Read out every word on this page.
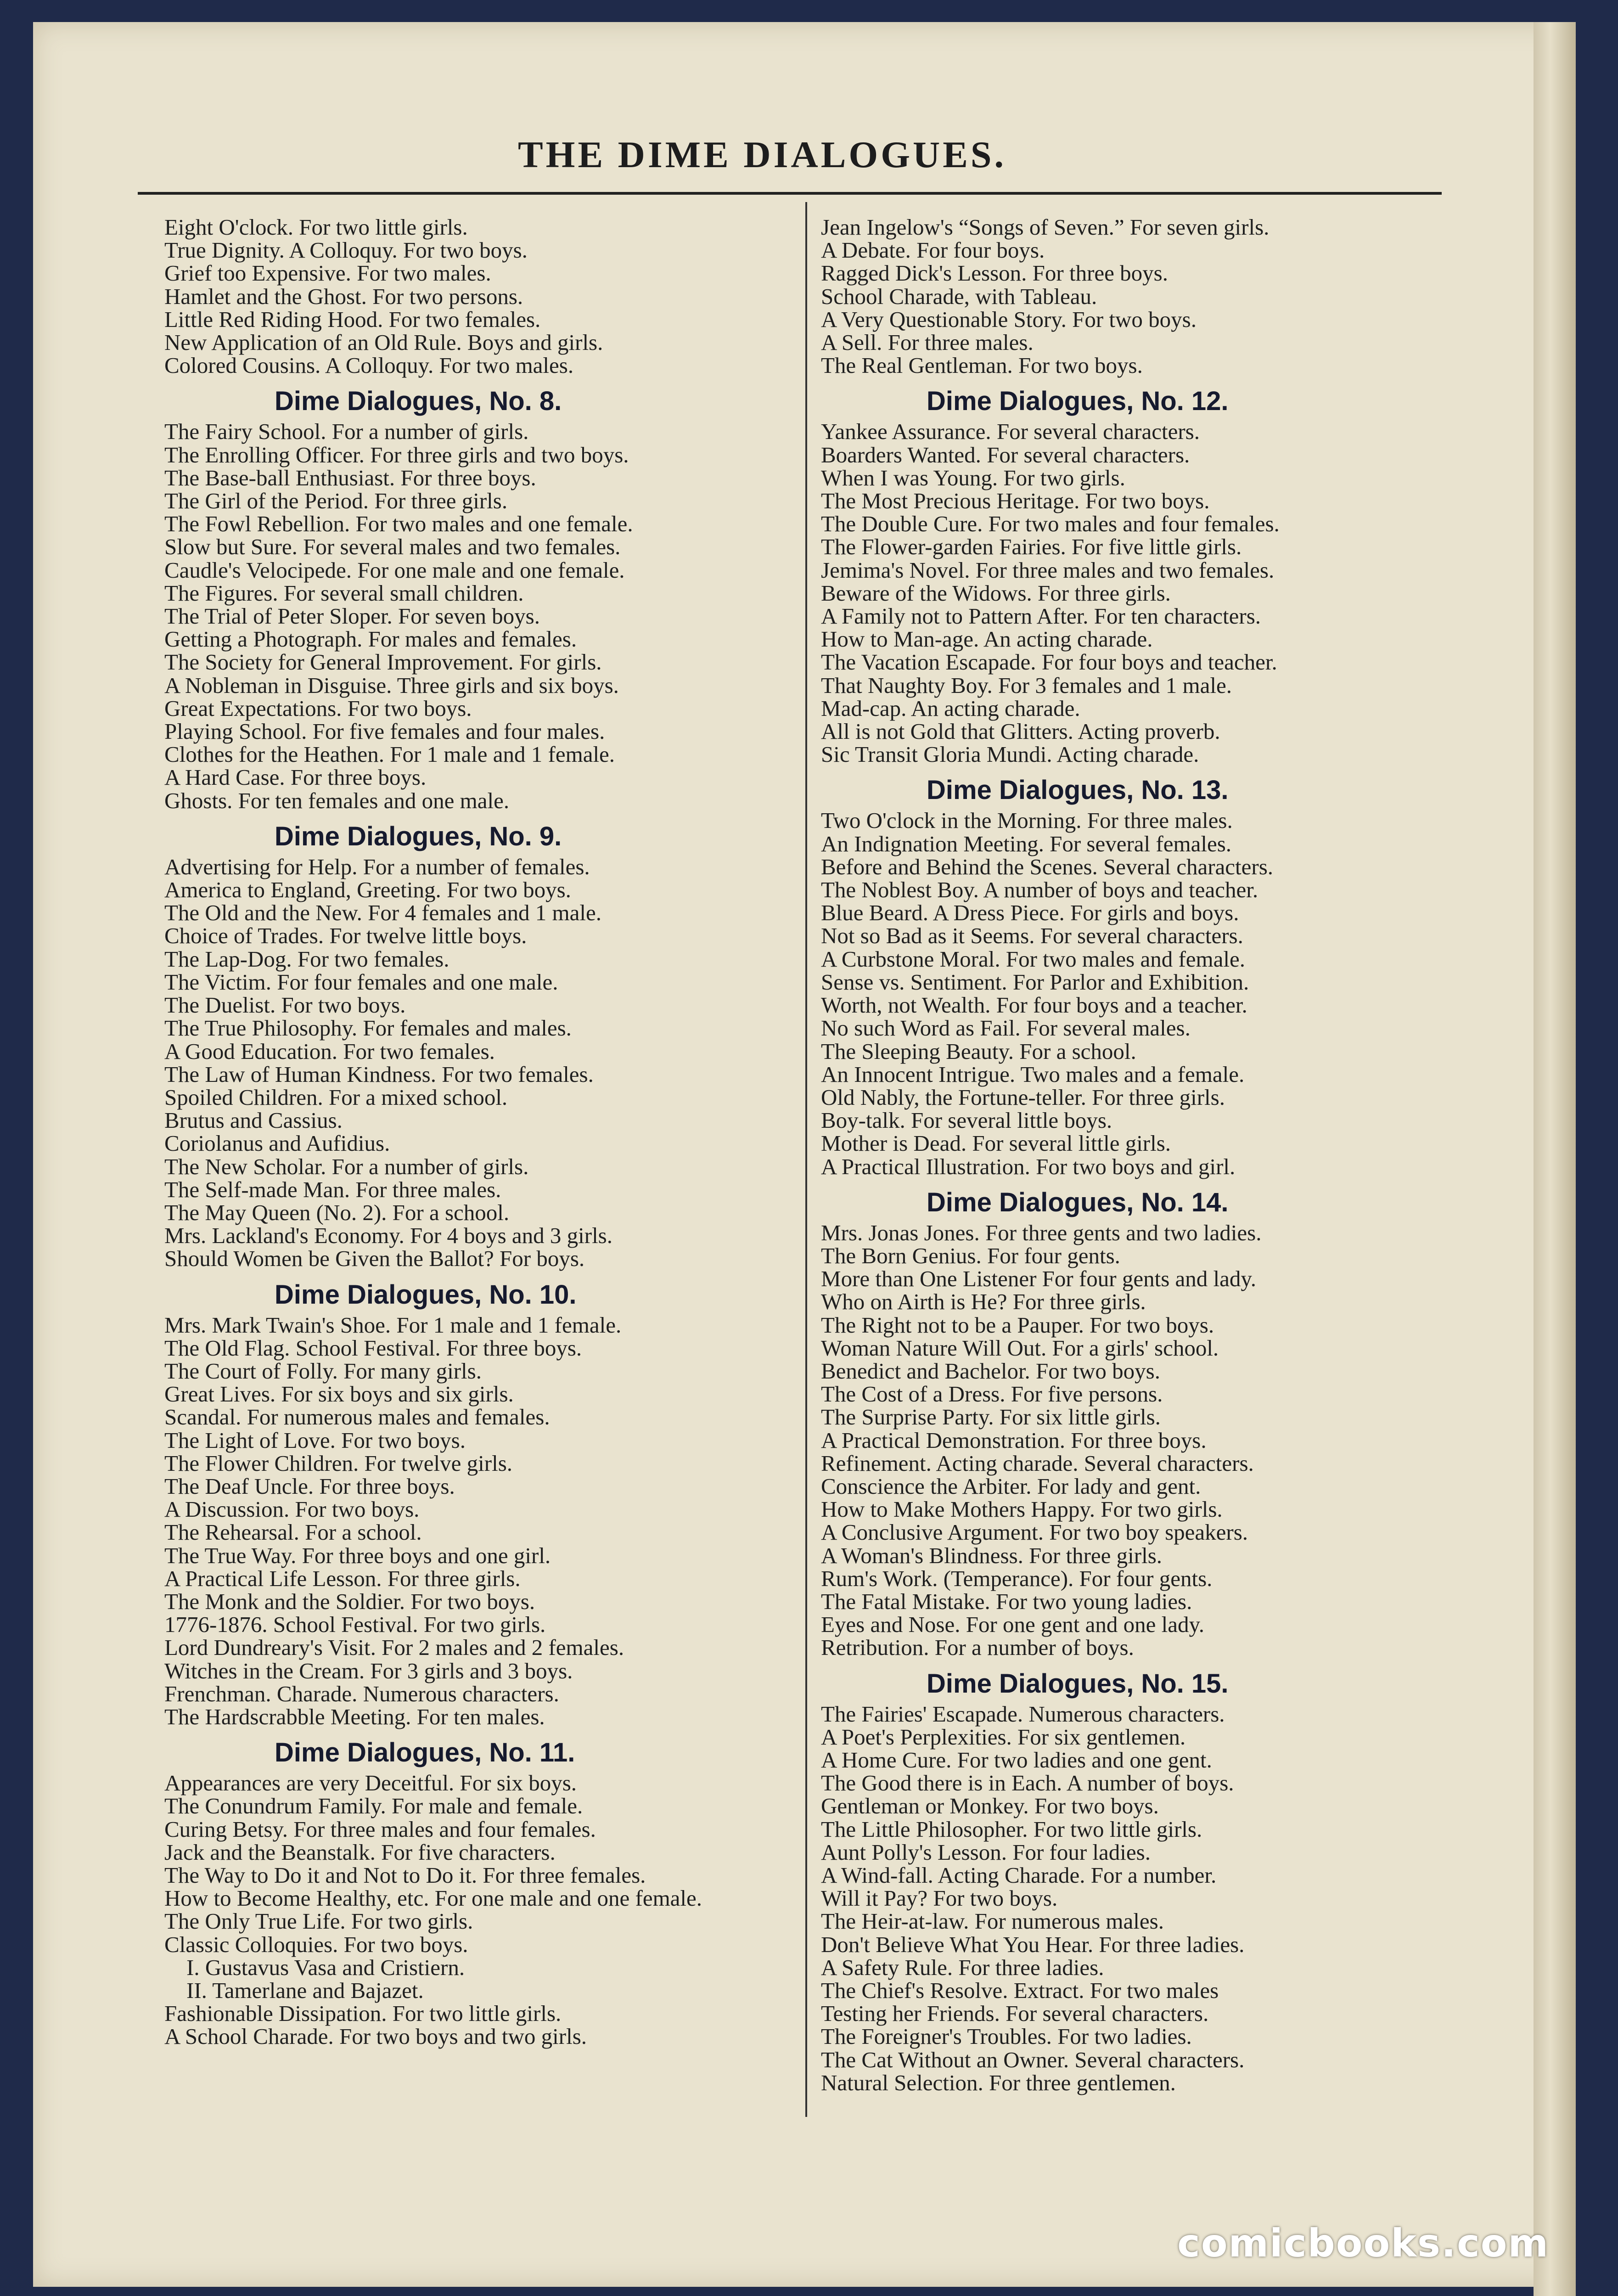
THE DIME DIALOGUES.
Eight O'clock. For two little girls.
True Dignity. A Colloquy. For two boys.
Grief too Expensive. For two males.
Hamlet and the Ghost. For two persons.
Little Red Riding Hood. For two females.
New Application of an Old Rule. Boys and girls.
Colored Cousins. A Colloquy. For two males.
Dime Dialogues, No. 8.
The Fairy School. For a number of girls.
The Enrolling Officer. For three girls and two boys.
The Base-ball Enthusiast. For three boys.
The Girl of the Period. For three girls.
The Fowl Rebellion. For two males and one female.
Slow but Sure. For several males and two females.
Caudle's Velocipede. For one male and one female.
The Figures. For several small children.
The Trial of Peter Sloper. For seven boys.
Getting a Photograph. For males and females.
The Society for General Improvement. For girls.
A Nobleman in Disguise. Three girls and six boys.
Great Expectations. For two boys.
Playing School. For five females and four males.
Clothes for the Heathen. For 1 male and 1 female.
A Hard Case. For three boys.
Ghosts. For ten females and one male.
Dime Dialogues, No. 9.
Advertising for Help. For a number of females.
America to England, Greeting. For two boys.
The Old and the New. For 4 females and 1 male.
Choice of Trades. For twelve little boys.
The Lap-Dog. For two females.
The Victim. For four females and one male.
The Duelist. For two boys.
The True Philosophy. For females and males.
A Good Education. For two females.
The Law of Human Kindness. For two females.
Spoiled Children. For a mixed school.
Brutus and Cassius.
Coriolanus and Aufidius.
The New Scholar. For a number of girls.
The Self-made Man. For three males.
The May Queen (No. 2). For a school.
Mrs. Lackland's Economy. For 4 boys and 3 girls.
Should Women be Given the Ballot? For boys.
Dime Dialogues, No. 10.
Mrs. Mark Twain's Shoe. For 1 male and 1 female.
The Old Flag. School Festival. For three boys.
The Court of Folly. For many girls.
Great Lives. For six boys and six girls.
Scandal. For numerous males and females.
The Light of Love. For two boys.
The Flower Children. For twelve girls.
The Deaf Uncle. For three boys.
A Discussion. For two boys.
The Rehearsal. For a school.
The True Way. For three boys and one girl.
A Practical Life Lesson. For three girls.
The Monk and the Soldier. For two boys.
1776-1876. School Festival. For two girls.
Lord Dundreary's Visit. For 2 males and 2 females.
Witches in the Cream. For 3 girls and 3 boys.
Frenchman. Charade. Numerous characters.
The Hardscrabble Meeting. For ten males.
Dime Dialogues, No. 11.
Appearances are very Deceitful. For six boys.
The Conundrum Family. For male and female.
Curing Betsy. For three males and four females.
Jack and the Beanstalk. For five characters.
The Way to Do it and Not to Do it. For three females.
How to Become Healthy, etc. For one male and one female.
The Only True Life. For two girls.
Classic Colloquies. For two boys.
I. Gustavus Vasa and Cristiern.
II. Tamerlane and Bajazet.
Fashionable Dissipation. For two little girls.
A School Charade. For two boys and two girls.
Jean Ingelow's “Songs of Seven.” For seven girls.
A Debate. For four boys.
Ragged Dick's Lesson. For three boys.
School Charade, with Tableau.
A Very Questionable Story. For two boys.
A Sell. For three males.
The Real Gentleman. For two boys.
Dime Dialogues, No. 12.
Yankee Assurance. For several characters.
Boarders Wanted. For several characters.
When I was Young. For two girls.
The Most Precious Heritage. For two boys.
The Double Cure. For two males and four females.
The Flower-garden Fairies. For five little girls.
Jemima's Novel. For three males and two females.
Beware of the Widows. For three girls.
A Family not to Pattern After. For ten characters.
How to Man-age. An acting charade.
The Vacation Escapade. For four boys and teacher.
That Naughty Boy. For 3 females and 1 male.
Mad-cap. An acting charade.
All is not Gold that Glitters. Acting proverb.
Sic Transit Gloria Mundi. Acting charade.
Dime Dialogues, No. 13.
Two O'clock in the Morning. For three males.
An Indignation Meeting. For several females.
Before and Behind the Scenes. Several characters.
The Noblest Boy. A number of boys and teacher.
Blue Beard. A Dress Piece. For girls and boys.
Not so Bad as it Seems. For several characters.
A Curbstone Moral. For two males and female.
Sense vs. Sentiment. For Parlor and Exhibition.
Worth, not Wealth. For four boys and a teacher.
No such Word as Fail. For several males.
The Sleeping Beauty. For a school.
An Innocent Intrigue. Two males and a female.
Old Nably, the Fortune-teller. For three girls.
Boy-talk. For several little boys.
Mother is Dead. For several little girls.
A Practical Illustration. For two boys and girl.
Dime Dialogues, No. 14.
Mrs. Jonas Jones. For three gents and two ladies.
The Born Genius. For four gents.
More than One Listener For four gents and lady.
Who on Airth is He? For three girls.
The Right not to be a Pauper. For two boys.
Woman Nature Will Out. For a girls' school.
Benedict and Bachelor. For two boys.
The Cost of a Dress. For five persons.
The Surprise Party. For six little girls.
A Practical Demonstration. For three boys.
Refinement. Acting charade. Several characters.
Conscience the Arbiter. For lady and gent.
How to Make Mothers Happy. For two girls.
A Conclusive Argument. For two boy speakers.
A Woman's Blindness. For three girls.
Rum's Work. (Temperance). For four gents.
The Fatal Mistake. For two young ladies.
Eyes and Nose. For one gent and one lady.
Retribution. For a number of boys.
Dime Dialogues, No. 15.
The Fairies' Escapade. Numerous characters.
A Poet's Perplexities. For six gentlemen.
A Home Cure. For two ladies and one gent.
The Good there is in Each. A number of boys.
Gentleman or Monkey. For two boys.
The Little Philosopher. For two little girls.
Aunt Polly's Lesson. For four ladies.
A Wind-fall. Acting Charade. For a number.
Will it Pay? For two boys.
The Heir-at-law. For numerous males.
Don't Believe What You Hear. For three ladies.
A Safety Rule. For three ladies.
The Chief's Resolve. Extract. For two males
Testing her Friends. For several characters.
The Foreigner's Troubles. For two ladies.
The Cat Without an Owner. Several characters.
Natural Selection. For three gentlemen.
comicbooks.com
